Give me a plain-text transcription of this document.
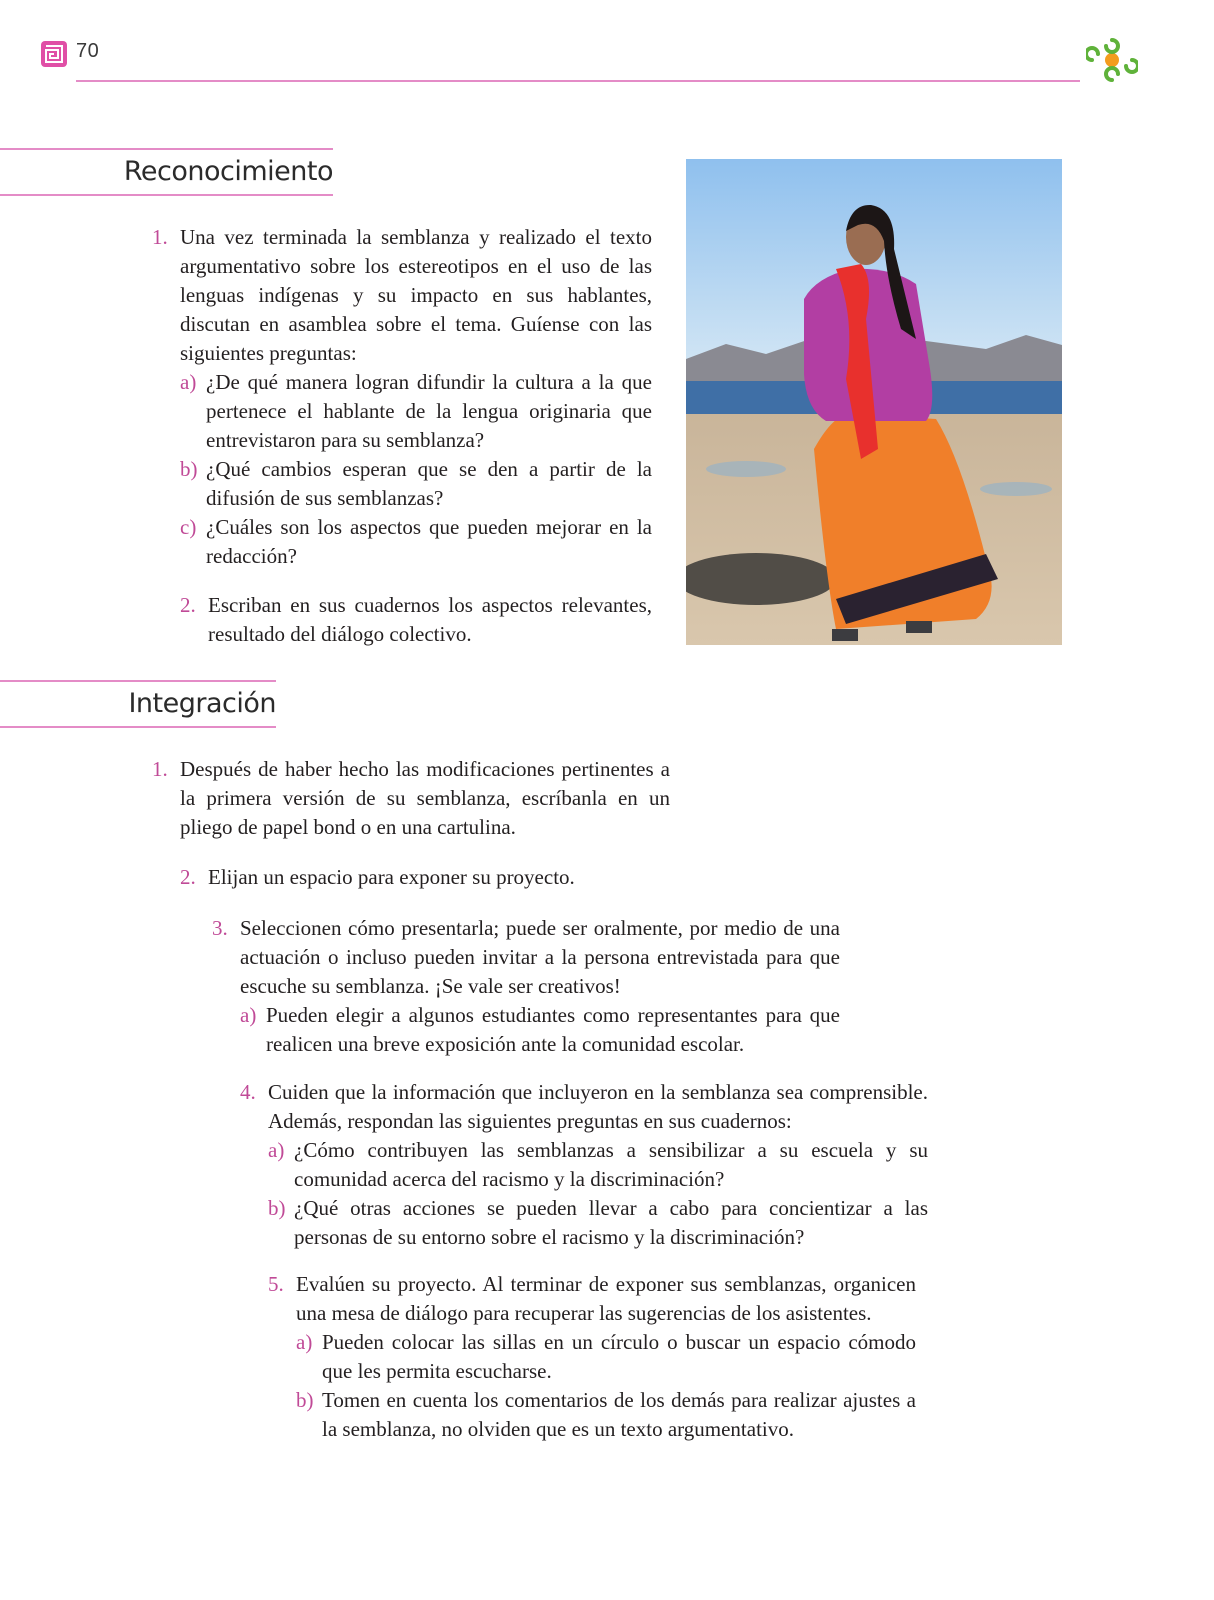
70
Reconocimiento
1. Una vez terminada la semblanza y realizado el texto argumentativo sobre los estereotipos en el uso de las lenguas indígenas y su impacto en sus hablantes, discutan en asamblea sobre el tema. Guíense con las siguientes preguntas:
a) ¿De qué manera logran difundir la cultura a la que pertenece el hablante de la lengua originaria que entrevistaron para su semblanza?
b) ¿Qué cambios esperan que se den a partir de la difusión de sus semblanzas?
c) ¿Cuáles son los aspectos que pueden mejorar en la redacción?
2. Escriban en sus cuadernos los aspectos relevantes, resultado del diálogo colectivo.
Integración
1. Después de haber hecho las modificaciones pertinentes a la primera versión de su semblanza, escríbanla en un pliego de papel bond o en una cartulina.
2. Elijan un espacio para exponer su proyecto.
3. Seleccionen cómo presentarla; puede ser oralmente, por medio de una actuación o incluso pueden invitar a la persona entrevistada para que escuche su semblanza. ¡Se vale ser creativos!
a) Pueden elegir a algunos estudiantes como representantes para que realicen una breve exposición ante la comunidad escolar.
4. Cuiden que la información que incluyeron en la semblanza sea comprensible. Además, respondan las siguientes preguntas en sus cuadernos:
a) ¿Cómo contribuyen las semblanzas a sensibilizar a su escuela y su comunidad acerca del racismo y la discriminación?
b) ¿Qué otras acciones se pueden llevar a cabo para concientizar a las personas de su entorno sobre el racismo y la discriminación?
5. Evalúen su proyecto. Al terminar de exponer sus semblanzas, organicen una mesa de diálogo para recuperar las sugerencias de los asistentes.
a) Pueden colocar las sillas en un círculo o buscar un espacio cómodo que les permita escucharse.
b) Tomen en cuenta los comentarios de los demás para realizar ajustes a la semblanza, no olviden que es un texto argumentativo.
